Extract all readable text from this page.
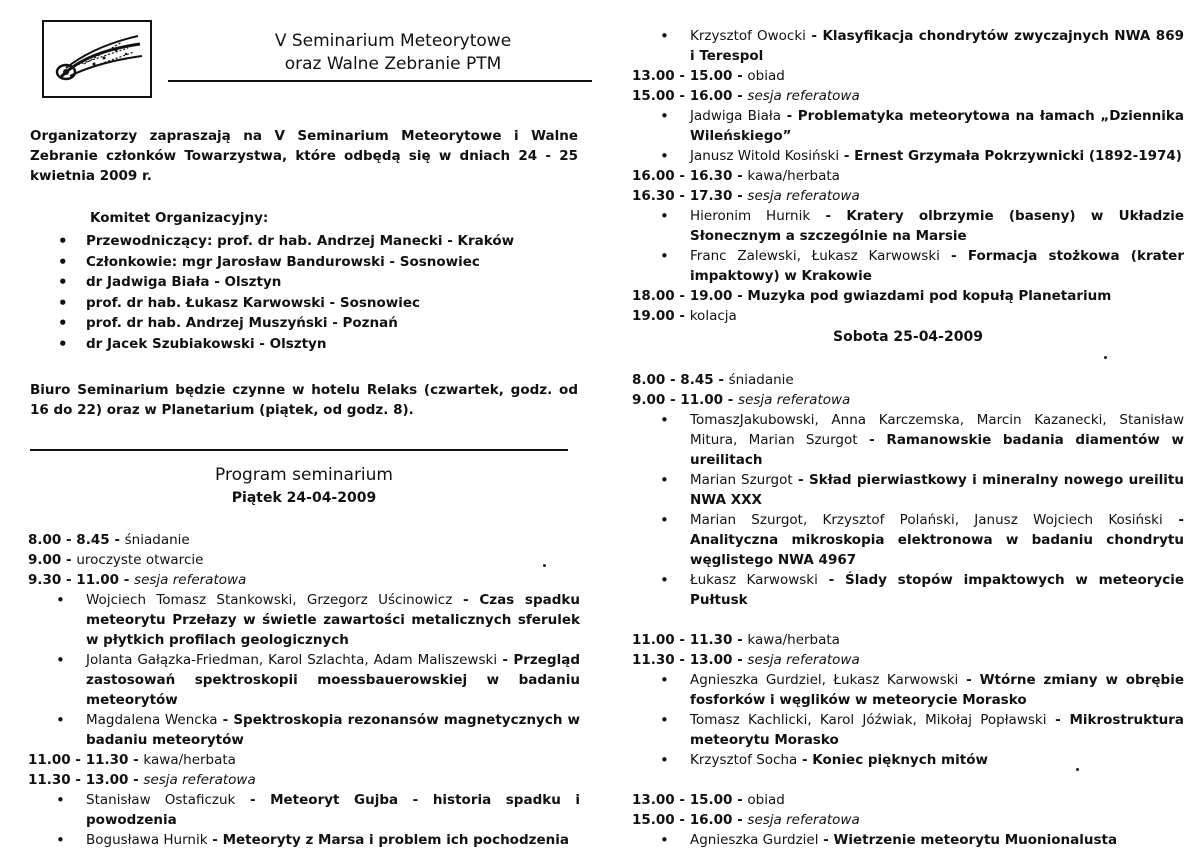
V Seminarium Meteorytowe
oraz Walne Zebranie PTM

Organizatorzy zapraszają na V Seminarium Meteorytowe i Walne Zebranie członków Towarzystwa, które odbędą się w dniach 24 - 25 kwietnia 2009 r.

Komitet Organizacyjny:
• Przewodniczący: prof. dr hab. Andrzej Manecki - Kraków
• Członkowie: mgr Jarosław Bandurowski - Sosnowiec
• dr Jadwiga Biała - Olsztyn
• prof. dr hab. Łukasz Karwowski - Sosnowiec
• prof. dr hab. Andrzej Muszyński - Poznań
• dr Jacek Szubiakowski - Olsztyn

Biuro Seminarium będzie czynne w hotelu Relaks (czwartek, godz. od 16 do 22) oraz w Planetarium (piątek, od godz. 8).

Program seminarium
Piątek 24-04-2009
8.00 - 8.45 - śniadanie
9.00 - uroczyste otwarcie
9.30 - 11.00 - sesja referatowa
• Wojciech Tomasz Stankowski, Grzegorz Uścinowicz - Czas spadku meteorytu Przełazy w świetle zawartości metalicznych sferulek w płytkich profilach geologicznych
• Jolanta Gałązka-Friedman, Karol Szlachta, Adam Maliszewski - Przegląd zastosowań spektroskopii moessbauerowskiej w badaniu meteorytów
• Magdalena Wencka - Spektroskopia rezonansów magnetycznych w badaniu meteorytów
11.00 - 11.30 - kawa/herbata
11.30 - 13.00 - sesja referatowa
• Stanisław Ostaficzuk - Meteoryt Gujba - historia spadku i powodzenia
• Bogusława Hurnik - Meteoryty z Marsa i problem ich pochodzenia
• Krzysztof Owocki - Klasyfikacja chondrytów zwyczajnych NWA 869 i Terespol
13.00 - 15.00 - obiad
15.00 - 16.00 - sesja referatowa
• Jadwiga Biała - Problematyka meteorytowa na łamach „Dziennika Wileńskiego”
• Janusz Witold Kosiński - Ernest Grzymała Pokrzywnicki (1892-1974)
16.00 - 16.30 - kawa/herbata
16.30 - 17.30 - sesja referatowa
• Hieronim Hurnik - Kratery olbrzymie (baseny) w Układzie Słonecznym a szczególnie na Marsie
• Franc Zalewski, Łukasz Karwowski - Formacja stożkowa (krater impaktowy) w Krakowie
18.00 - 19.00 - Muzyka pod gwiazdami pod kopułą Planetarium
19.00 - kolacja
Sobota 25-04-2009
8.00 - 8.45 - śniadanie
9.00 - 11.00 - sesja referatowa
• TomaszJakubowski, Anna Karczemska, Marcin Kazanecki, Stanisław Mitura, Marian Szurgot - Ramanowskie badania diamentów w ureilitach
• Marian Szurgot - Skład pierwiastkowy i mineralny nowego ureilitu NWA XXX
• Marian Szurgot, Krzysztof Polański, Janusz Wojciech Kosiński - Analityczna mikroskopia elektronowa w badaniu chondrytu węglistego NWA 4967
• Łukasz Karwowski - Ślady stopów impaktowych w meteorycie Pułtusk
11.00 - 11.30 - kawa/herbata
11.30 - 13.00 - sesja referatowa
• Agnieszka Gurdziel, Łukasz Karwowski - Wtórne zmiany w obrębie fosforków i węglików w meteorycie Morasko
• Tomasz Kachlicki, Karol Jóźwiak, Mikołaj Popławski - Mikrostruktura meteorytu Morasko
• Krzysztof Socha - Koniec pięknych mitów
13.00 - 15.00 - obiad
15.00 - 16.00 - sesja referatowa
• Agnieszka Gurdziel - Wietrzenie meteorytu Muonionalusta
